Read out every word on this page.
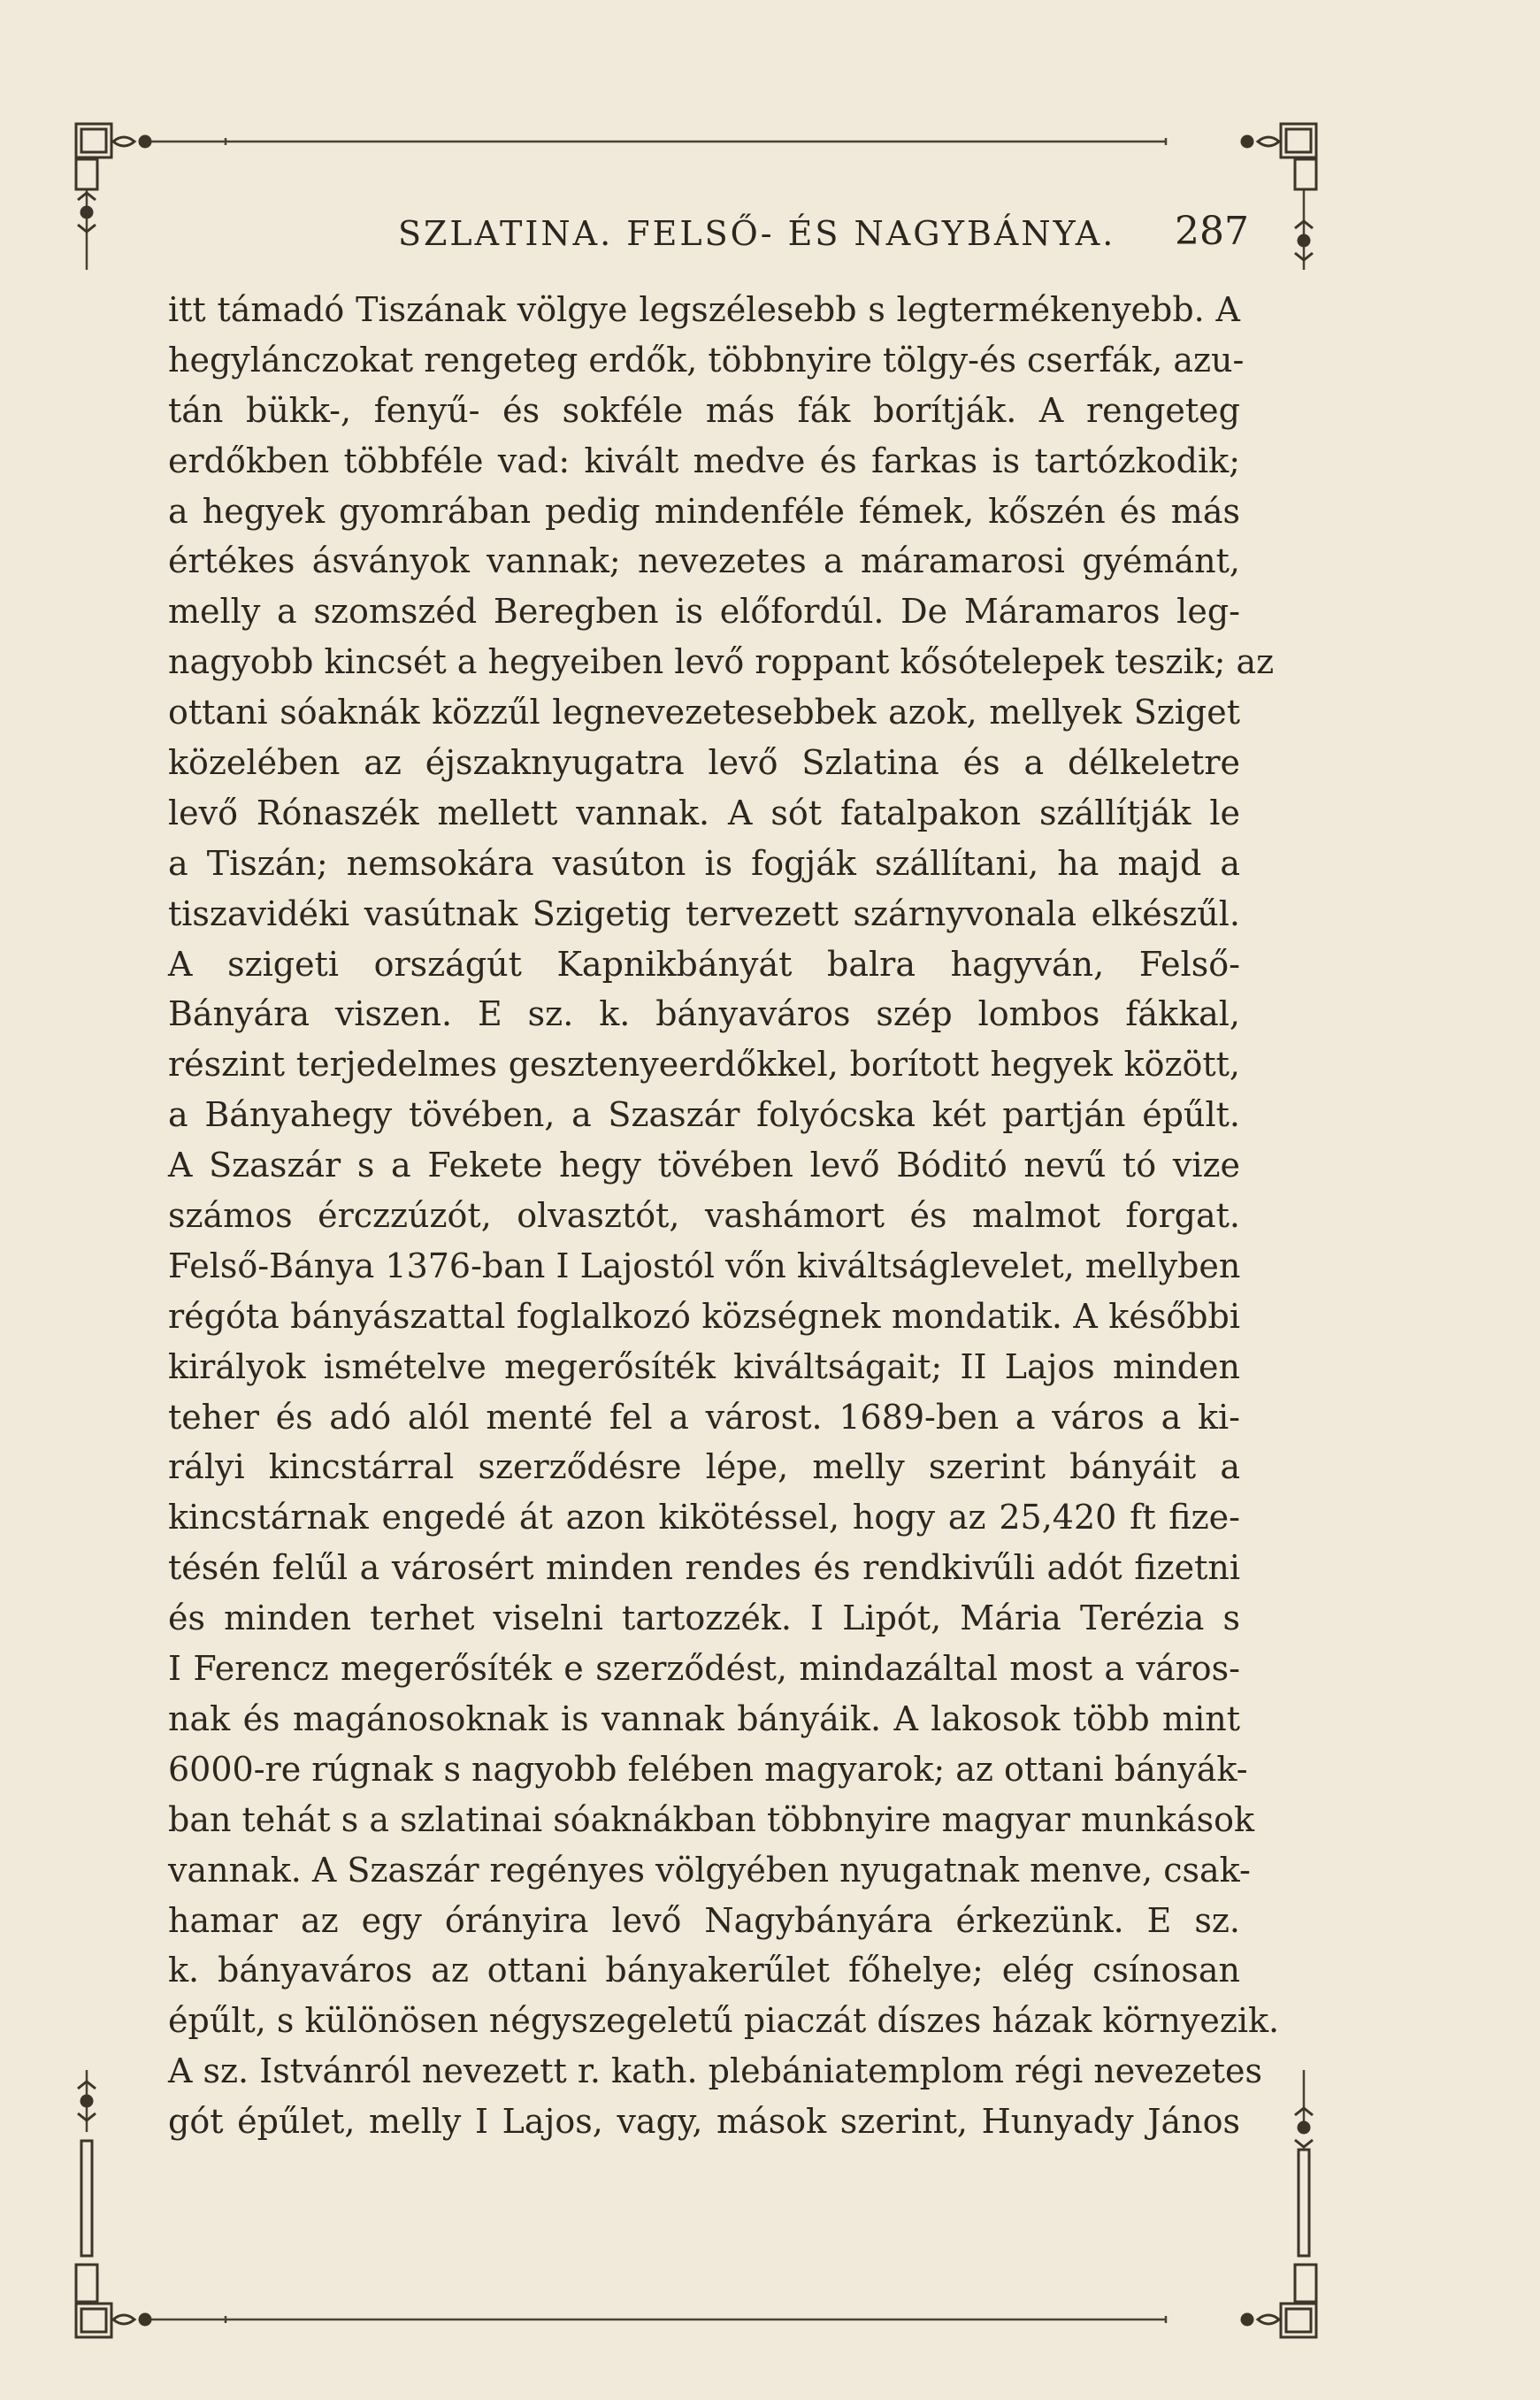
SZLATINA. FELSŐ- ÉS NAGYBÁNYA. 287
itt támadó Tiszának völgye legszélesebb s legtermékenyebb. A
hegylánczokat rengeteg erdők, többnyire tölgy-és cserfák, azu-
tán bükk-, fenyű- és sokféle más fák borítják. A rengeteg
erdőkben többféle vad: kivált medve és farkas is tartózkodik;
a hegyek gyomrában pedig mindenféle fémek, kőszén és más
értékes ásványok vannak; nevezetes a máramarosi gyémánt,
melly a szomszéd Beregben is előfordúl. De Máramaros leg-
nagyobb kincsét a hegyeiben levő roppant kősótelepek teszik; az
ottani sóaknák közzűl legnevezetesebbek azok, mellyek Sziget
közelében az éjszaknyugatra levő Szlatina és a délkeletre
levő Rónaszék mellett vannak. A sót fatalpakon szállítják le
a Tiszán; nemsokára vasúton is fogják szállítani, ha majd a
tiszavidéki vasútnak Szigetig tervezett szárnyvonala elkészűl.
A szigeti országút Kapnikbányát balra hagyván, Felső-
Bányára viszen. E sz. k. bányaváros szép lombos fákkal,
részint terjedelmes gesztenyeerdőkkel, borított hegyek között,
a Bányahegy tövében, a Szaszár folyócska két partján épűlt.
A Szaszár s a Fekete hegy tövében levő Bóditó nevű tó vize
számos érczzúzót, olvasztót, vashámort és malmot forgat.
Felső-Bánya 1376-ban I Lajostól vőn kiváltságlevelet, mellyben
régóta bányászattal foglalkozó községnek mondatik. A későbbi
királyok ismételve megerősíték kiváltságait; II Lajos minden
teher és adó alól menté fel a várost. 1689-ben a város a ki-
rályi kincstárral szerződésre lépe, melly szerint bányáit a
kincstárnak engedé át azon kikötéssel, hogy az 25,420 ft fize-
tésén felűl a városért minden rendes és rendkivűli adót fizetni
és minden terhet viselni tartozzék. I Lipót, Mária Terézia s
I Ferencz megerősíték e szerződést, mindazáltal most a város-
nak és magánosoknak is vannak bányáik. A lakosok több mint
6000-re rúgnak s nagyobb felében magyarok; az ottani bányák-
ban tehát s a szlatinai sóaknákban többnyire magyar munkások
vannak. A Szaszár regényes völgyében nyugatnak menve, csak-
hamar az egy órányira levő Nagybányára érkezünk. E sz.
k. bányaváros az ottani bányakerűlet főhelye; elég csínosan
épűlt, s különösen négyszegeletű piaczát díszes házak környezik.
A sz. Istvánról nevezett r. kath. plebániatemplom régi nevezetes
gót épűlet, melly I Lajos, vagy, mások szerint, Hunyady János
